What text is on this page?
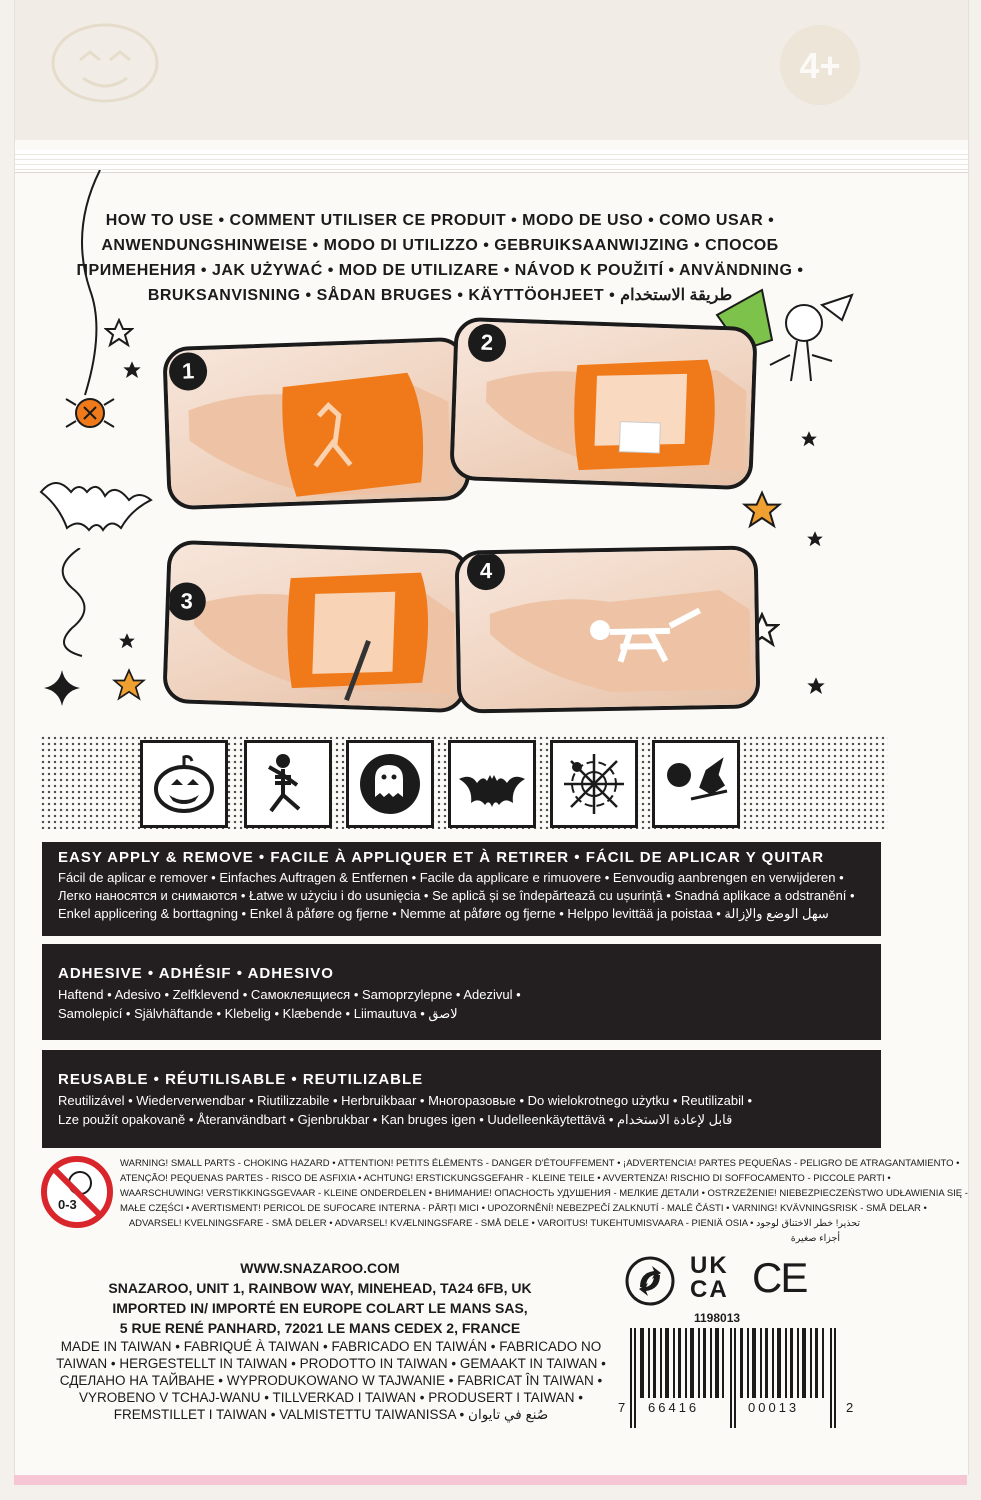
4+
HOW TO USE • COMMENT UTILISER CE PRODUIT • MODO DE USO • COMO USAR •
ANWENDUNGSHINWEISE • MODO DI UTILIZZO • GEBRUIKSAANWIJZING • СПОСОБ
ПРИМЕНЕНИЯ • JAK UŻYWAĆ • MOD DE UTILIZARE • NÁVOD K POUŽITÍ • ANVÄNDNING •
BRUKSANVISNING • SÅDAN BRUGES • KÄYTTÖOHJEET • طريقة الاستخدام
1
2
3
4
EASY APPLY & REMOVE • FACILE À APPLIQUER ET À RETIRER • FÁCIL DE APLICAR Y QUITAR
Fácil de aplicar e remover • Einfaches Auftragen & Entfernen • Facile da applicare e rimuovere • Eenvoudig aanbrengen en verwijderen •
Легко наносятся и снимаются • Łatwe w użyciu i do usunięcia • Se aplică și se îndepărtează cu ușurință • Snadná aplikace a odstranění •
Enkel applicering & borttagning • Enkel å påføre og fjerne • Nemme at påføre og fjerne • Helppo levittää ja poistaa • سهل الوضع والإزالة
ADHESIVE • ADHÉSIF • ADHESIVO
Haftend • Adesivo • Zelfklevend • Самоклеящиеся • Samoprzylepne • Adezivul •
Samolepicí • Självhäftande • Klebelig • Klæbende • Liimautuva • لاصق
REUSABLE • RÉUTILISABLE • REUTILIZABLE
Reutilizável • Wiederverwendbar • Riutilizzabile • Herbruikbaar • Многоразовые • Do wielokrotnego użytku • Reutilizabil •
Lze použít opakovaně • Återanvändbart • Gjenbrukbar • Kan bruges igen • Uudelleenkäytettävä • قابل لإعادة الاستخدام
0-3
WARNING! SMALL PARTS - CHOKING HAZARD • ATTENTION! PETITS ÉLÉMENTS - DANGER D'ÉTOUFFEMENT • ¡ADVERTENCIA! PARTES PEQUEÑAS - PELIGRO DE ATRAGANTAMIENTO •
ATENÇÃO! PEQUENAS PARTES - RISCO DE ASFIXIA • ACHTUNG! ERSTICKUNGSGEFAHR - KLEINE TEILE • AVVERTENZA! RISCHIO DI SOFFOCAMENTO - PICCOLE PARTI •
WAARSCHUWING! VERSTIKKINGSGEVAAR - KLEINE ONDERDELEN • ВНИМАНИЕ! ОПАСНОСТЬ УДУШЕНИЯ - МЕЛКИЕ ДЕТАЛИ • OSTRZEŻENIE! NIEBEZPIECZEŃSTWO UDŁAWIENIA SIĘ -
MAŁE CZĘŚCI • AVERTISMENT! PERICOL DE SUFOCARE INTERNA - PĂRȚI MICI • UPOZORNĚNÍ! NEBEZPEČÍ ZALKNUTÍ - MALÉ ČÁSTI • VARNING! KVÄVNINGSRISK - SMÅ DELAR •
ADVARSEL! KVELNINGSFARE - SMÅ DELER • ADVARSEL! KVÆLNINGSFARE - SMÅ DELE • VAROITUS! TUKEHTUMISVAARA - PIENIÄ OSIA • تحذير! خطر الاختناق لوجود
أجزاء صغيرة
WWW.SNAZAROO.COM
SNAZAROO, UNIT 1, RAINBOW WAY, MINEHEAD, TA24 6FB, UK
IMPORTED IN/ IMPORTÉ EN EUROPE COLART LE MANS SAS,
5 RUE RENÉ PANHARD, 72021 LE MANS CEDEX 2, FRANCE
UK
CA CE
1198013
MADE IN TAIWAN • FABRIQUÉ À TAIWAN • FABRICADO EN TAIWÁN • FABRICADO NO
TAIWAN • HERGESTELLT IN TAIWAN • PRODOTTO IN TAIWAN • GEMAAKT IN TAIWAN •
СДЕЛАНО НА ТАЙВАНЕ • WYPRODUKOWANO W TAJWANIE • FABRICAT ÎN TAIWAN •
VYROBENO V TCHAJ-WANU • TILLVERKAD I TAIWAN • PRODUSERT I TAIWAN •
FREMSTILLET I TAIWAN • VALMISTETTU TAIWANISSA • صُنع في تايوان	7 66416	00013	2
